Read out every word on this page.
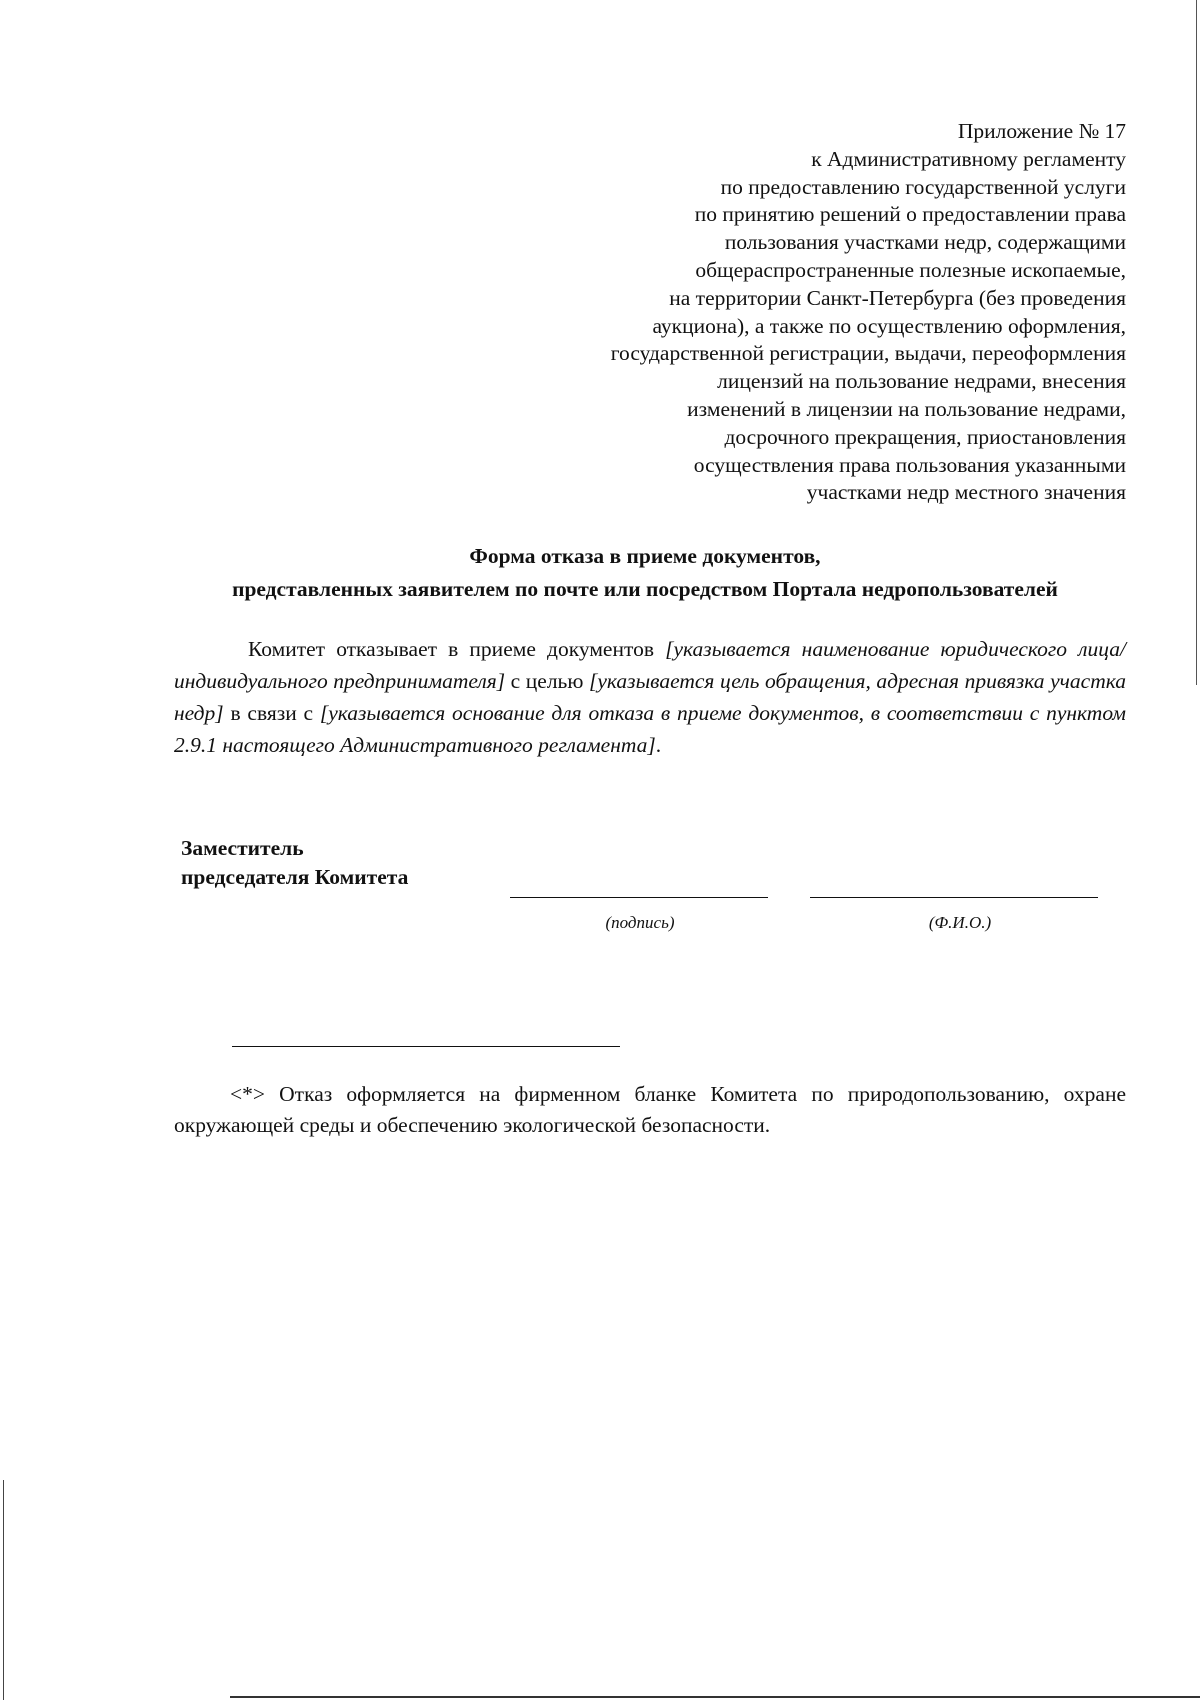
Приложение № 17
к Административному регламенту
по предоставлению государственной услуги
по принятию решений о предоставлении права
пользования участками недр, содержащими
общераспространенные полезные ископаемые,
на территории Санкт-Петербурга (без проведения
аукциона), а также по осуществлению оформления,
государственной регистрации, выдачи, переоформления
лицензий на пользование недрами, внесения
изменений в лицензии на пользование недрами,
досрочного прекращения, приостановления
осуществления права пользования указанными
участками недр местного значения
Форма отказа в приеме документов,
представленных заявителем по почте или посредством Портала недропользователей
Комитет отказывает в приеме документов [указывается наименование юридического лица/индивидуального предпринимателя] с целью [указывается цель обращения, адресная привязка участка недр] в связи с [указывается основание для отказа в приеме документов, в соответствии с пунктом 2.9.1 настоящего Административного регламента].
Заместитель
председателя Комитета
(подпись)	(Ф.И.О.)
<*> Отказ оформляется на фирменном бланке Комитета по природопользованию, охране окружающей среды и обеспечению экологической безопасности.
